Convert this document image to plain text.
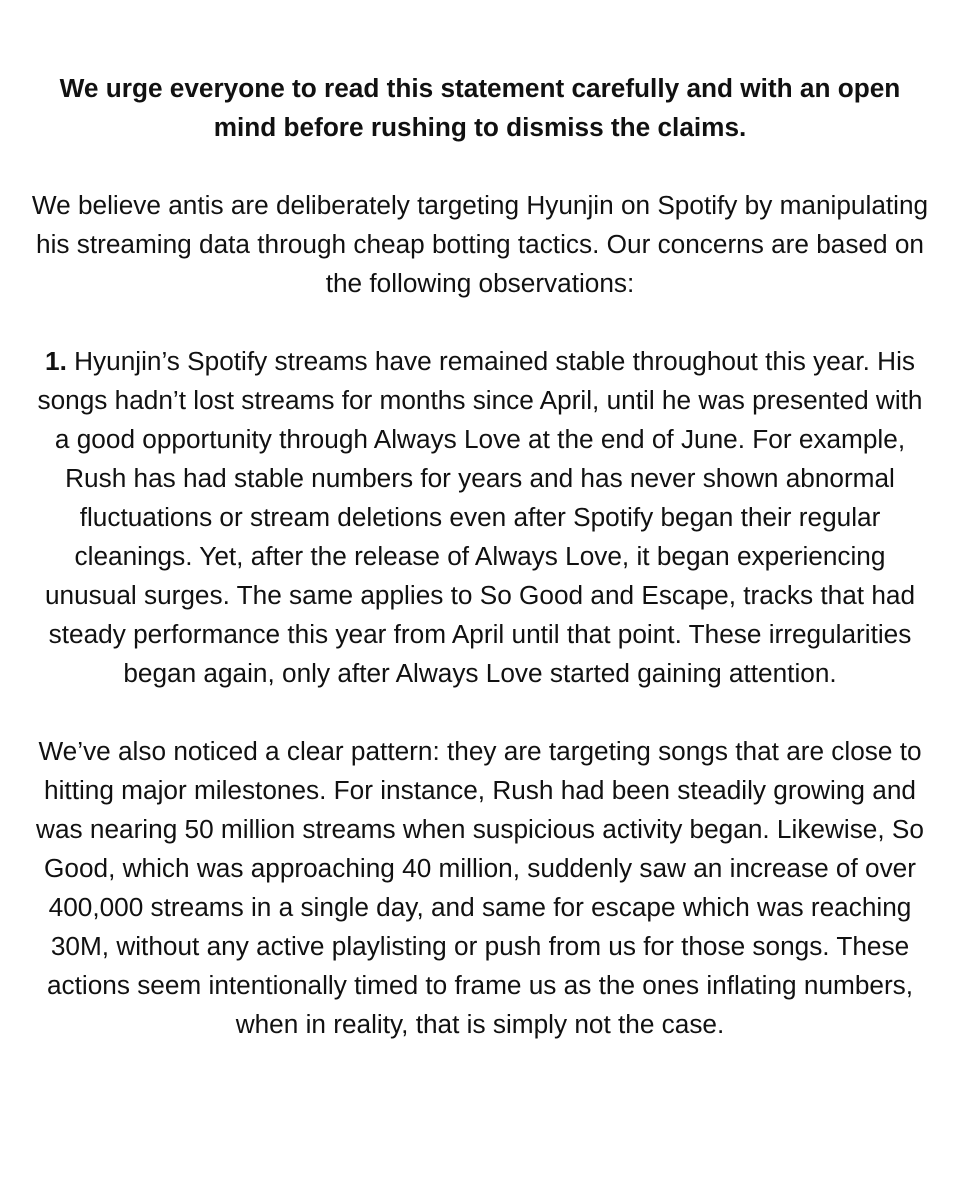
We urge everyone to read this statement carefully and with an open mind before rushing to dismiss the claims.

We believe antis are deliberately targeting Hyunjin on Spotify by manipulating his streaming data through cheap botting tactics. Our concerns are based on the following observations:

1. Hyunjin’s Spotify streams have remained stable throughout this year. His songs hadn’t lost streams for months since April, until he was presented with a good opportunity through Always Love at the end of June. For example, Rush has had stable numbers for years and has never shown abnormal fluctuations or stream deletions even after Spotify began their regular cleanings. Yet, after the release of Always Love, it began experiencing unusual surges. The same applies to So Good and Escape, tracks that had steady performance this year from April until that point. These irregularities began again, only after Always Love started gaining attention.

We’ve also noticed a clear pattern: they are targeting songs that are close to hitting major milestones. For instance, Rush had been steadily growing and was nearing 50 million streams when suspicious activity began. Likewise, So Good, which was approaching 40 million, suddenly saw an increase of over 400,000 streams in a single day, and same for escape which was reaching 30M, without any active playlisting or push from us for those songs. These actions seem intentionally timed to frame us as the ones inflating numbers, when in reality, that is simply not the case.
